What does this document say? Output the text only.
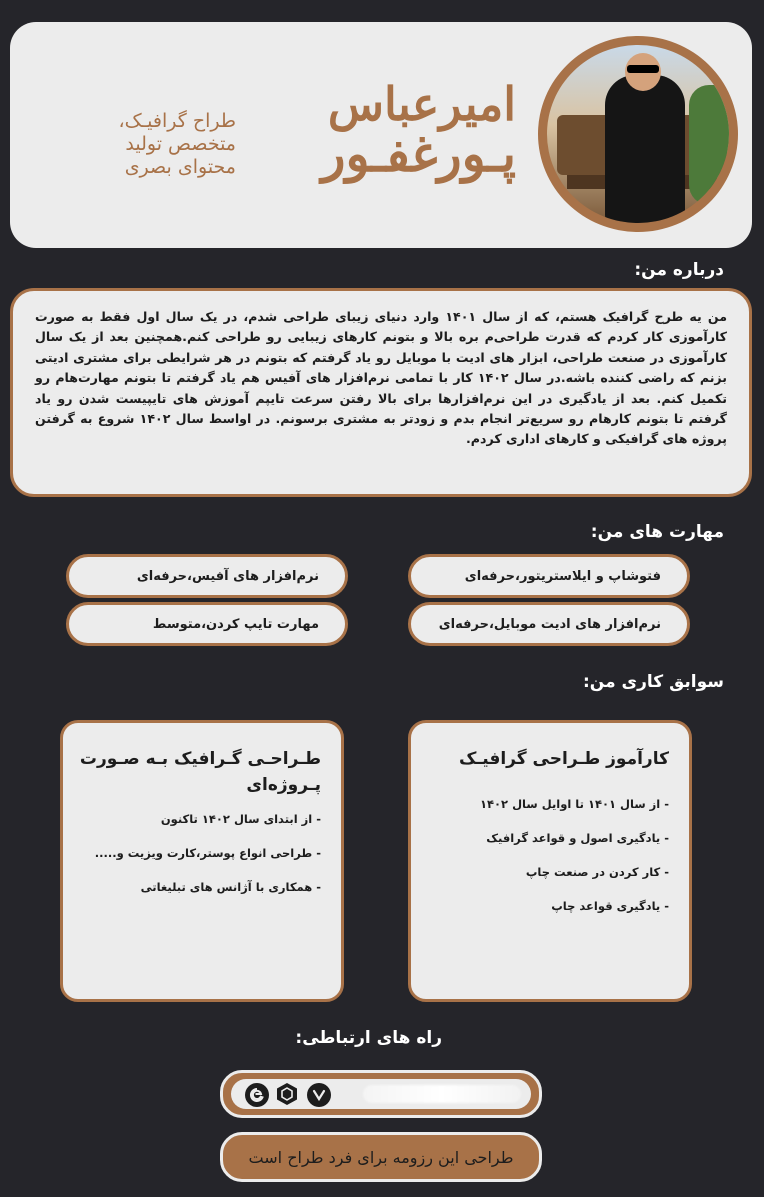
امیرعباس
پـورغفـور
طراح گرافیـک،
متخصص تولید
محتوای بصری
درباره من:
من یه طرح گرافیک هستم، که از سال ۱۴۰۱ وارد دنیای زیبای طراحی شدم، در یک سال اول فقط به صورت کارآموزی کار کردم که قدرت طراحی‌م بره بالا و بتونم کارهای زیبایی رو طراحی کنم.همچنین بعد از یک سال کارآموزی در صنعت طراحی، ابزار های ادیت با موبایل رو یاد گرفتم که بتونم در هر شرایطی برای مشتری ادیتی بزنم که راضی کننده باشه.در سال ۱۴۰۲ کار با تمامی نرم‌افزار های آفیس هم یاد گرفتم تا بتونم مهارت‌هام رو تکمیل کنم. بعد از یادگیری در این نرم‌افزارها برای بالا رفتن سرعت تایپم آموزش های تایپیست شدن رو یاد گرفتم تا بتونم کارهام رو سریع‌تر انجام بدم و زودتر به مشتری برسونم. در اواسط سال ۱۴۰۲ شروع به گرفتن پروژه های گرافیکی و کارهای اداری کردم.
مهارت های من:
فتوشاپ و ایلاستریتور،حرفه‌ای
نرم‌افزار های آفیس،حرفه‌ای
نرم‌افزار های ادیت موبایل،حرفه‌ای
مهارت تایپ کردن،متوسط
سوابق کاری من:
کارآموز طـراحی گرافیـک
- از سال ۱۴۰۱ تا اوایل سال ۱۴۰۲
- یادگیری اصول و قواعد گرافیک
- کار کردن در صنعت چاپ
- یادگیری قواعد چاپ
طـراحـی گـرافیک بـه صـورت پـروژه‌ای
- از ابتدای سال ۱۴۰۲ تاکنون
- طراحی انواع پوستر،کارت ویزیت و.....
- همکاری با آژانس های تبلیغاتی
راه های ارتباطی:
طراحی این رزومه برای فرد طراح است
